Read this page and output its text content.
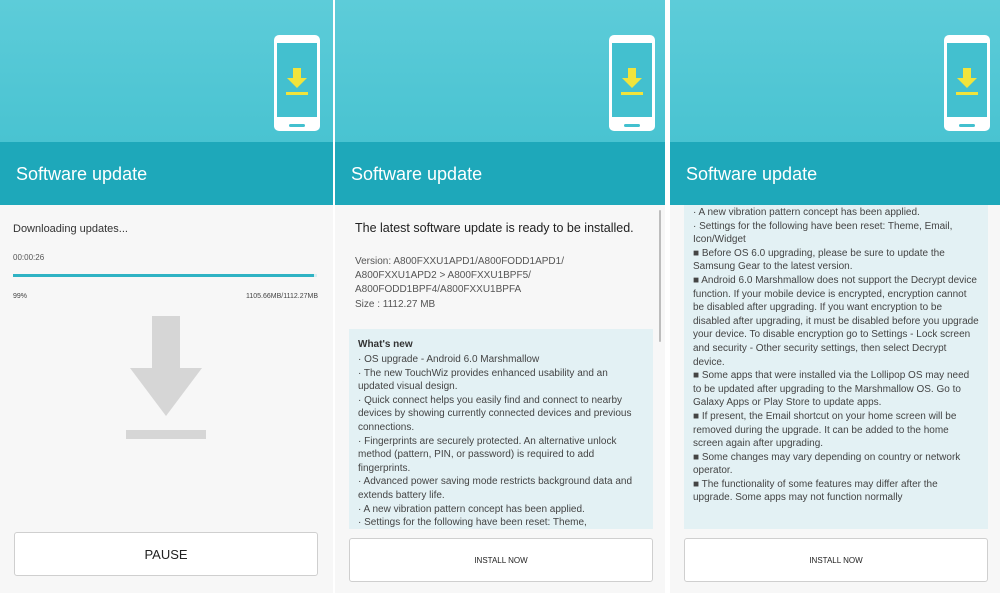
Software update
Downloading updates...
00:00:26
99%	1105.66MB/1112.27MB
PAUSE
Software update
The latest software update is ready to be installed.
Version: A800FXXU1APD1/A800FODD1APD1/ A800FXXU1APD2 > A800FXXU1BPF5/ A800FODD1BPF4/A800FXXU1BPFA
Size : 1112.27 MB
What's new
· OS upgrade - Android 6.0 Marshmallow
· The new TouchWiz provides enhanced usability and an updated visual design.
· Quick connect helps you easily find and connect to nearby devices by showing currently connected devices and previous connections.
· Fingerprints are securely protected. An alternative unlock method (pattern, PIN, or password) is required to add fingerprints.
· Advanced power saving mode restricts background data and extends battery life.
· A new vibration pattern concept has been applied.
· Settings for the following have been reset: Theme,
INSTALL NOW
Software update
· A new vibration pattern concept has been applied.
· Settings for the following have been reset: Theme, Email, Icon/Widget
■ Before OS 6.0 upgrading, please be sure to update the Samsung Gear to the latest version.
■ Android 6.0 Marshmallow does not support the Decrypt device function. If your mobile device is encrypted, encryption cannot be disabled after upgrading. If you want encryption to be disabled after upgrading, it must be disabled before you upgrade your device. To disable encryption go to Settings - Lock screen and security - Other security settings, then select Decrypt device.
■ Some apps that were installed via the Lollipop OS may need to be updated after upgrading to the Marshmallow OS. Go to Galaxy Apps or Play Store to update apps.
■ If present, the Email shortcut on your home screen will be removed during the upgrade. It can be added to the home screen again after upgrading.
■ Some changes may vary depending on country or network operator.
■ The functionality of some features may differ after the upgrade. Some apps may not function normally
INSTALL NOW
